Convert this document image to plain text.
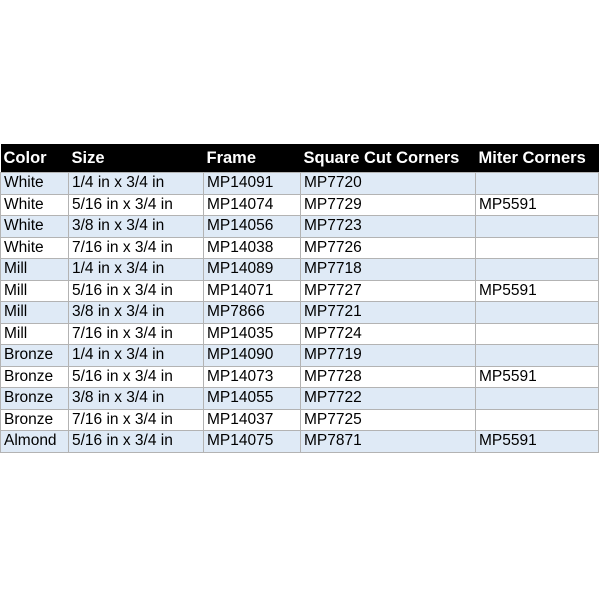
Color	Size	Frame	Square Cut Corners	Miter Corners
White	1/4 in x 3/4 in	MP14091	MP7720	
White	5/16 in x 3/4 in	MP14074	MP7729	MP5591
White	3/8 in x 3/4 in	MP14056	MP7723	
White	7/16 in x 3/4 in	MP14038	MP7726	
Mill	1/4 in x 3/4 in	MP14089	MP7718	
Mill	5/16 in x 3/4 in	MP14071	MP7727	MP5591
Mill	3/8 in x 3/4 in	MP7866	MP7721	
Mill	7/16 in x 3/4 in	MP14035	MP7724	
Bronze	1/4 in x 3/4 in	MP14090	MP7719	
Bronze	5/16 in x 3/4 in	MP14073	MP7728	MP5591
Bronze	3/8 in x 3/4 in	MP14055	MP7722	
Bronze	7/16 in x 3/4 in	MP14037	MP7725	
Almond	5/16 in x 3/4 in	MP14075	MP7871	MP5591
